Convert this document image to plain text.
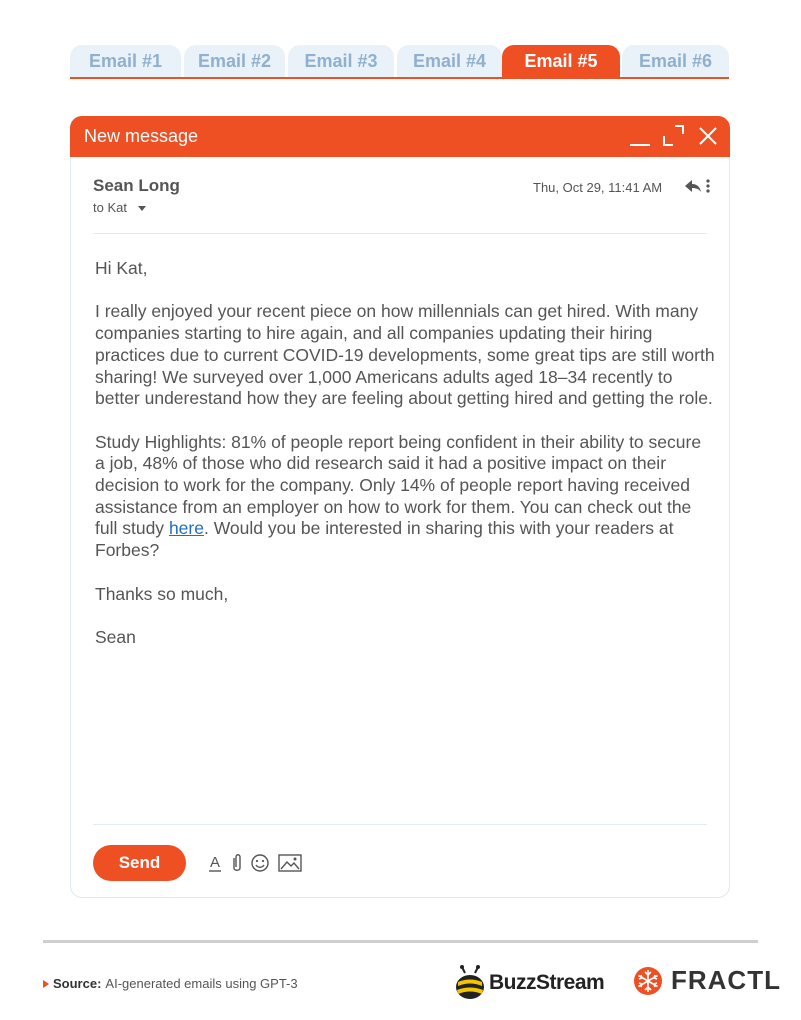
Email #1	Email #2	Email #3	Email #4	Email #5	Email #6
New message
Sean Long
to Kat
Thu, Oct 29, 11:41 AM

Hi Kat,

I really enjoyed your recent piece on how millennials can get hired. With many companies starting to hire again, and all companies updating their hiring practices due to current COVID-19 developments, some great tips are still worth sharing! We surveyed over 1,000 Americans adults aged 18–34 recently to better underestand how they are feeling about getting hired and getting the role.

Study Highlights: 81% of people report being confident in their ability to secure a job, 48% of those who did research said it had a positive impact on their decision to work for the company. Only 14% of people report having received assistance from an employer on how to work for them. You can check out the full study here. Would you be interested in sharing this with your readers at Forbes?

Thanks so much,

Sean

Send	A
Source: AI-generated emails using GPT-3	BuzzStream	FRACTL
